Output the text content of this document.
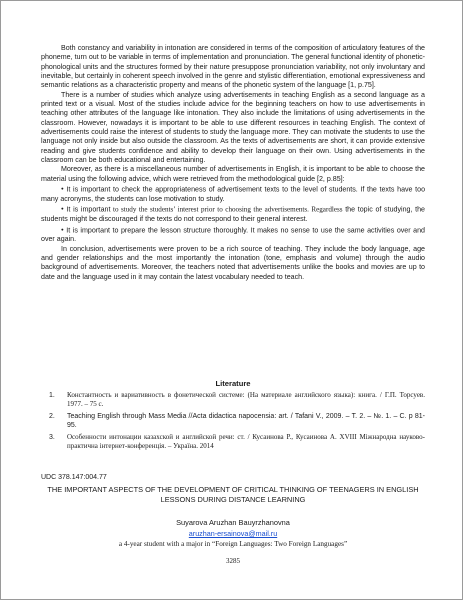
Both constancy and variability in intonation are considered in terms of the composition of articulatory features of the phoneme, turn out to be variable in terms of implementation and pronunciation. The general functional identity of phonetic-phonological units and the structures formed by their nature presuppose pronunciation variability, not only involuntary and inevitable, but certainly in coherent speech involved in the genre and stylistic differentiation, emotional expressiveness and semantic relations as a characteristic property and means of the phonetic system of the language [1, p.75].

There is a number of studies which analyze using advertisements in teaching English as a second language as a printed text or a visual. Most of the studies include advice for the beginning teachers on how to use advertisements in teaching other attributes of the language like intonation. They also include the limitations of using advertisements in the classroom. However, nowadays it is important to be able to use different resources in teaching English. The context of advertisements could raise the interest of students to study the language more. They can motivate the students to use the language not only inside but also outside the classroom. As the texts of advertisements are short, it can provide extensive reading and give students confidence and ability to develop their language on their own. Using advertisements in the classroom can be both educational and entertaining.

Moreover, as there is a miscellaneous number of advertisements in English, it is important to be able to choose the material using the following advice, which were retrieved from the methodological guide [2, p.85]:

● It is important to check the appropriateness of advertisement texts to the level of students. If the texts have too many acronyms, the students can lose motivation to study.

● It is important to study the students’ interest prior to choosing the advertisements. Regardless the topic of studying, the students might be discouraged if the texts do not correspond to their general interest.

● It is important to prepare the lesson structure thoroughly. It makes no sense to use the same activities over and over again.

In conclusion, advertisements were proven to be a rich source of teaching. They include the body language, age and gender relationships and the most importantly the intonation (tone, emphasis and volume) through the audio background of advertisements. Moreover, the teachers noted that advertisements unlike the books and movies are up to date and the language used in it may contain the latest vocabulary needed to teach.

Literature
1. Константность и вариативность в фонетической системе: (На материале английского языка): книга. / Г.П. Торсуев. 1977. – 75 с.
2. Teaching English through Mass Media //Acta didactica napocensia: art. / Tafani V., 2009. – Т. 2. – №. 1. – С. p 81-95.
3. Особенности интонации казахской и английской речи: ст. / Кусаинова Р., Кусаинова А. XVIII Міжнародна науково-практична інтернет-конференція. – Україна. 2014
UDC 378.147:004.77
THE IMPORTANT ASPECTS OF THE DEVELOPMENT OF CRITICAL THINKING OF TEENAGERS IN ENGLISH LESSONS DURING DISTANCE LEARNING
Suyarova Aruzhan Bauyrzhanovna
aruzhan-ersainova@mail.ru
a 4-year student with a major in “Foreign Languages: Two Foreign Languages”
3285
